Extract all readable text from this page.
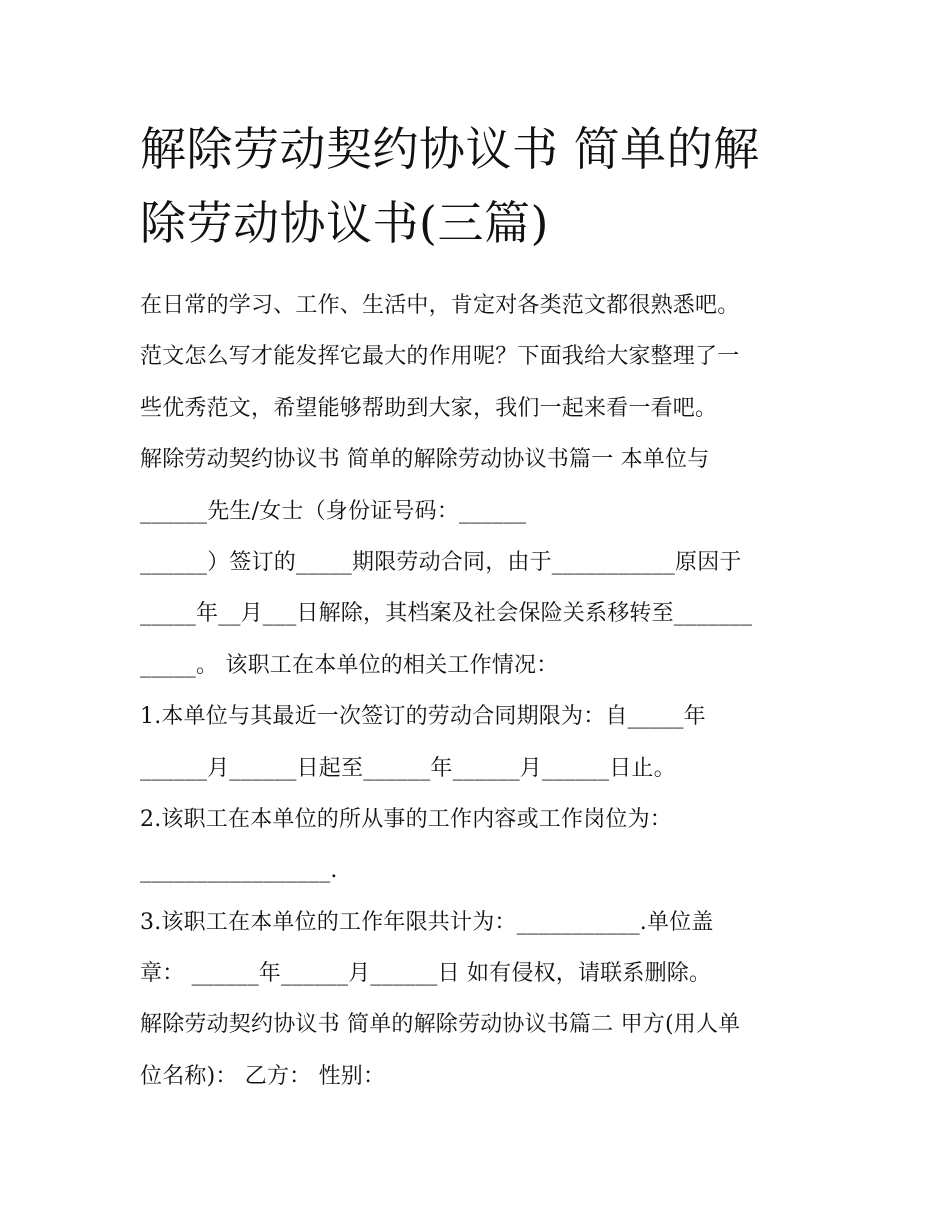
解除劳动契约协议书 简单的解
除劳动协议书(三篇)
在日常的学习、工作、生活中，肯定对各类范文都很熟悉吧。
范文怎么写才能发挥它最大的作用呢？下面我给大家整理了一
些优秀范文，希望能够帮助到大家，我们一起来看一看吧。
解除劳动契约协议书 简单的解除劳动协议书篇一 本单位与
______先生/女士（身份证号码：______
______）签订的_____期限劳动合同，由于___________原因于
_____年__月___日解除，其档案及社会保险关系移转至_______
_____。 该职工在本单位的相关工作情况：
1.本单位与其最近一次签订的劳动合同期限为：自_____年
______月______日起至______年______月______日止。
2.该职工在本单位的所从事的工作内容或工作岗位为：
_________________.
3.该职工在本单位的工作年限共计为：___________.单位盖
章： ______年______月______日 如有侵权，请联系删除。
解除劳动契约协议书 简单的解除劳动协议书篇二 甲方(用人单
位名称)： 乙方： 性别：
